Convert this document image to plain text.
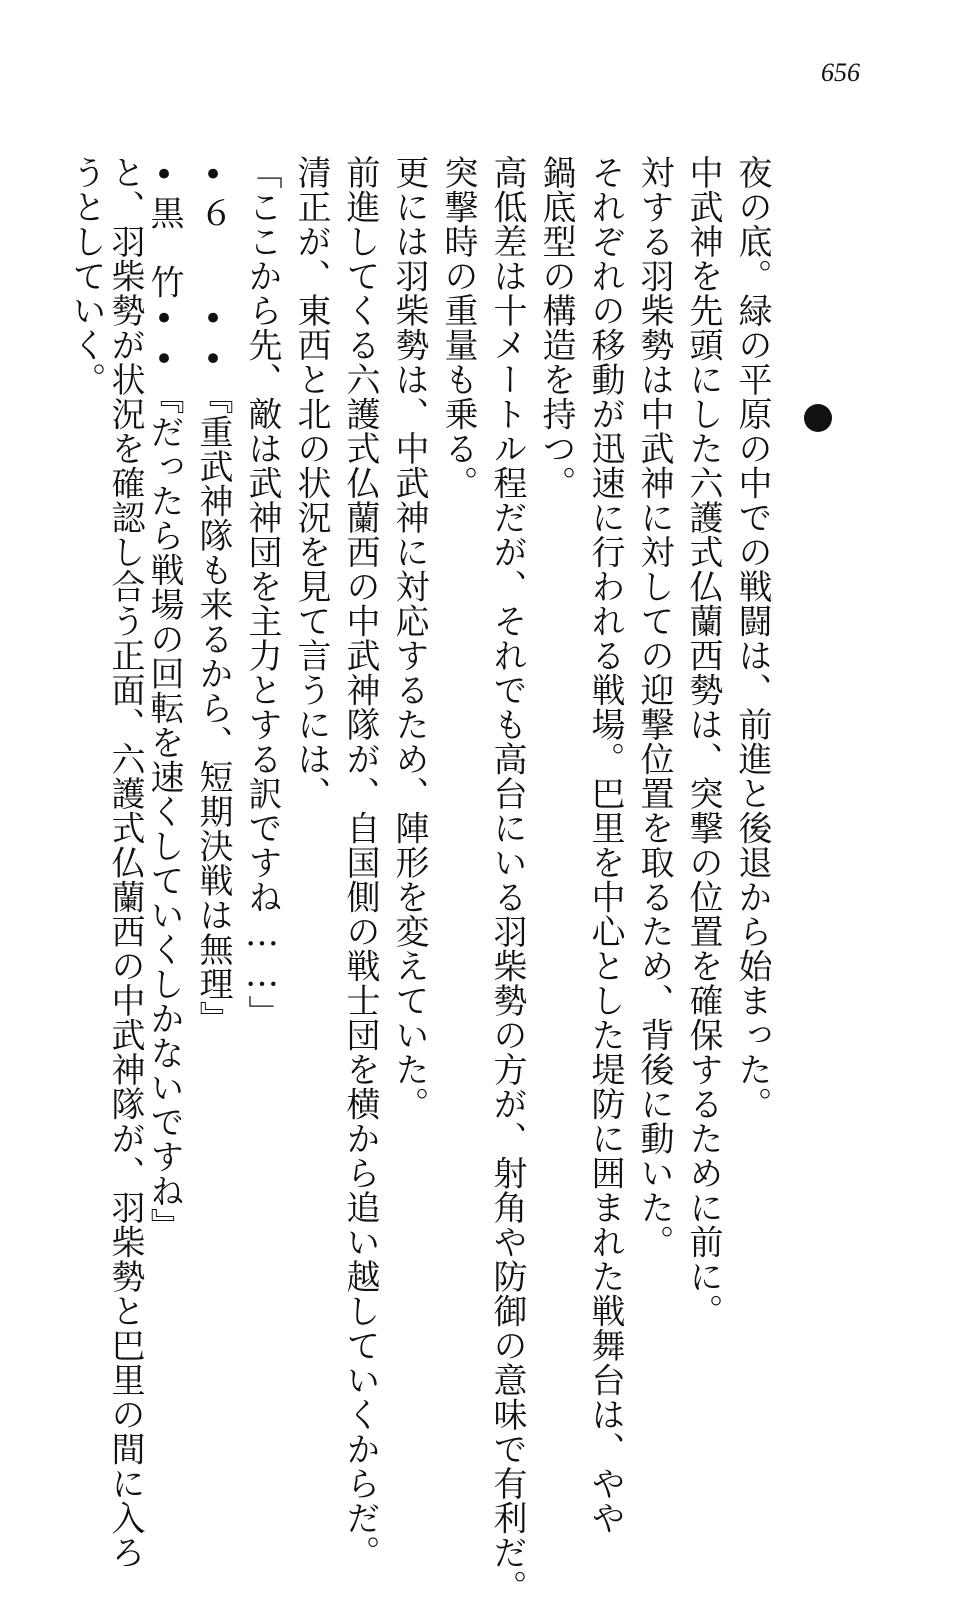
656
夜の底。緑の平原の中での戦闘は、前進と後退から始まった。
中武神を先頭にした六護式仏蘭西勢は、突撃の位置を確保するために前に。
対する羽柴勢は中武神に対しての迎撃位置を取るため、背後に動いた。
それぞれの移動が迅速に行われる戦場。巴里を中心とした堤防に囲まれた戦舞台は、やや
鍋底型の構造を持つ。
高低差は十メートル程だが、それでも高台にいる羽柴勢の方が、射角や防御の意味で有利だ。
突撃時の重量も乗る。
更には羽柴勢は、中武神に対応するため、陣形を変えていた。
前進してくる六護式仏蘭西の中武神隊が、自国側の戦士団を横から追い越していくからだ。
清正が、東西と北の状況を見て言うには、
「ここから先、敵は武神団を主力とする訳ですね……」
•６　　••『重武神隊も来るから、短期決戦は無理』
•黒　竹••『だったら戦場の回転を速くしていくしかないですね』
と、羽柴勢が状況を確認し合う正面、六護式仏蘭西の中武神隊が、羽柴勢と巴里の間に入ろ
うとしていく。
